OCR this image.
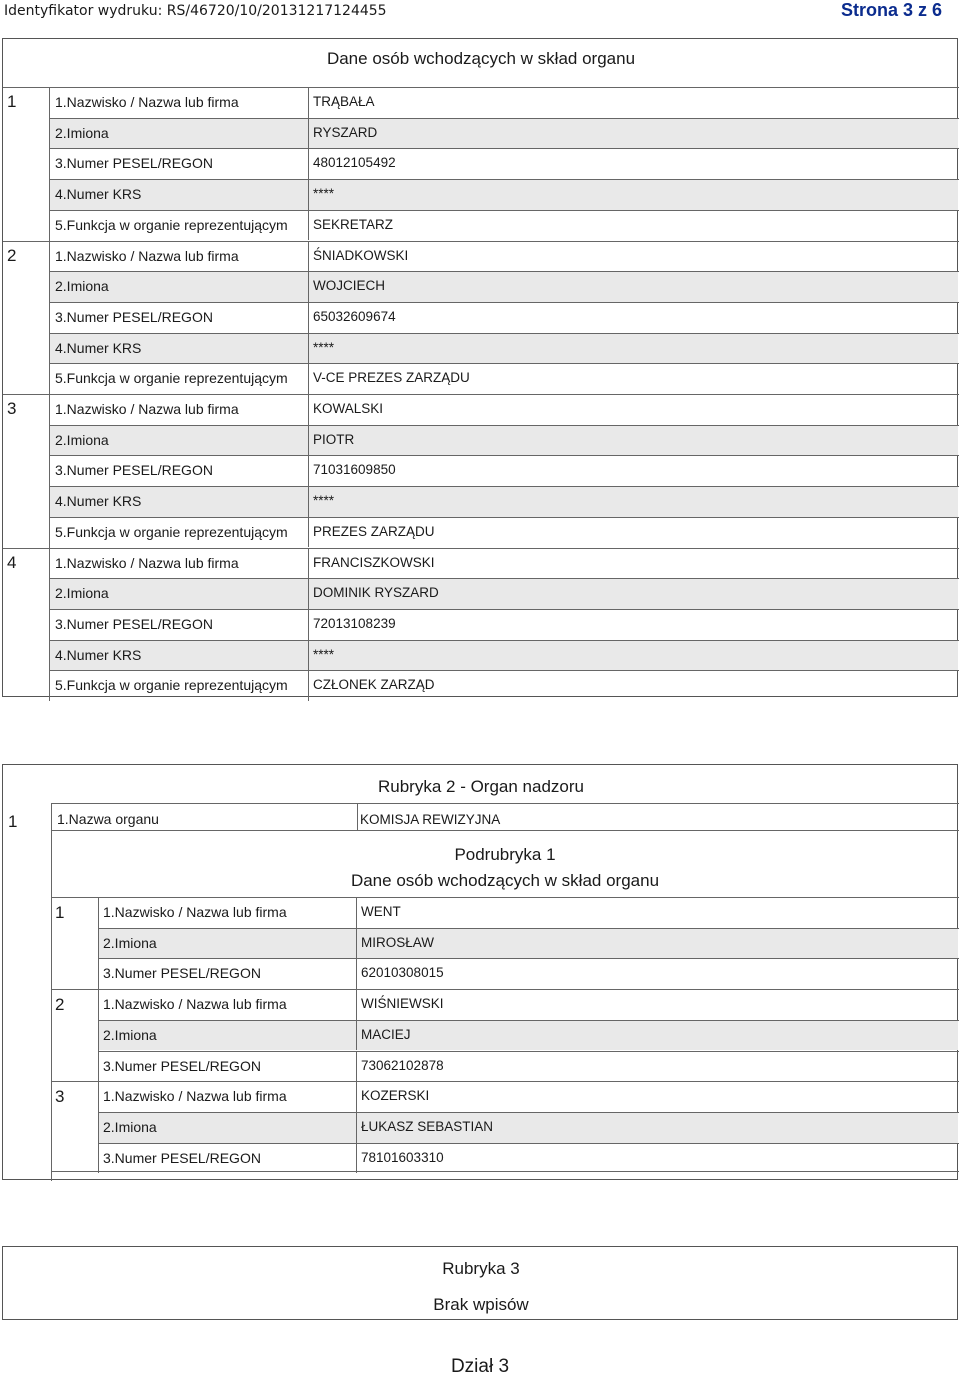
Identyfikator wydruku: RS/46720/10/20131217124455	Strona 3 z 6
Dane osób wchodzących w skład organu
1	1.Nazwisko / Nazwa lub firma	TRĄBAŁA
2.Imiona	RYSZARD
3.Numer PESEL/REGON	48012105492
4.Numer KRS	****
5.Funkcja w organie reprezentującym SEKRETARZ
2	1.Nazwisko / Nazwa lub firma	ŚNIADKOWSKI
2.Imiona	WOJCIECH
3.Numer PESEL/REGON	65032609674
4.Numer KRS	****
5.Funkcja w organie reprezentującym V-CE PREZES ZARZĄDU
3	1.Nazwisko / Nazwa lub firma	KOWALSKI
2.Imiona	PIOTR
3.Numer PESEL/REGON	71031609850
4.Numer KRS	****
5.Funkcja w organie reprezentującym PREZES ZARZĄDU
4	1.Nazwisko / Nazwa lub firma	FRANCISZKOWSKI
2.Imiona	DOMINIK RYSZARD
3.Numer PESEL/REGON	72013108239
4.Numer KRS	****
5.Funkcja w organie reprezentującym CZŁONEK ZARZĄD
Rubryka 2 - Organ nadzoru
1	1.Nazwa organu	KOMISJA REWIZYJNA
Podrubryka 1
Dane osób wchodzących w skład organu
1	1.Nazwisko / Nazwa lub firma	WENT
2.Imiona	MIROSŁAW
3.Numer PESEL/REGON	62010308015
2	1.Nazwisko / Nazwa lub firma	WIŚNIEWSKI
2.Imiona	MACIEJ
3.Numer PESEL/REGON	73062102878
3	1.Nazwisko / Nazwa lub firma	KOZERSKI
2.Imiona	ŁUKASZ SEBASTIAN
3.Numer PESEL/REGON	78101603310
Rubryka 3
Brak wpisów
Dział 3
